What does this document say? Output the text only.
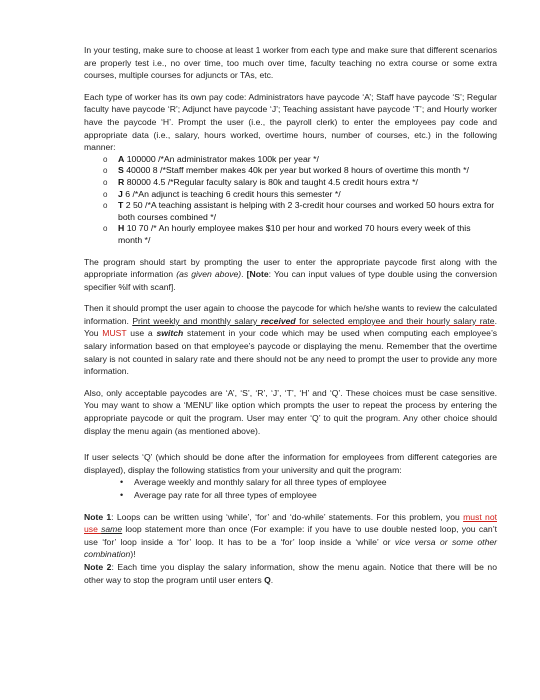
In your testing, make sure to choose at least 1 worker from each type and make sure that different scenarios are properly test i.e., no over time, too much over time, faculty teaching no extra course or some extra courses, multiple courses for adjuncts or TAs, etc.

Each type of worker has its own pay code: Administrators have paycode ‘A’; Staff have paycode ‘S’; Regular faculty have paycode ‘R’; Adjunct have paycode ‘J’; Teaching assistant have paycode ‘T’; and Hourly worker have the paycode ‘H’. Prompt the user (i.e., the payroll clerk) to enter the employees pay code and appropriate data (i.e., salary, hours worked, overtime hours, number of courses, etc.) in the following manner:

o A 100000 /*An administrator makes 100k per year */
o S 40000 8 /*Staff member makes 40k per year but worked 8 hours of overtime this month */
o R 80000 4.5 /*Regular faculty salary is 80k and taught 4.5 credit hours extra */
o J 6 /*An adjunct is teaching 6 credit hours this semester */
o T 2 50 /*A teaching assistant is helping with 2 3-credit hour courses and worked 50 hours extra for both courses combined */
o H 10 70 /* An hourly employee makes $10 per hour and worked 70 hours every week of this month */

The program should start by prompting the user to enter the appropriate paycode first along with the appropriate information (as given above). [Note: You can input values of type double using the conversion specifier %lf with scanf].

Then it should prompt the user again to choose the paycode for which he/she wants to review the calculated information. Print weekly and monthly salary received for selected employee and their hourly salary rate. You MUST use a switch statement in your code which may be used when computing each employee’s salary information based on that employee’s paycode or displaying the menu. Remember that the overtime salary is not counted in salary rate and there should not be any need to prompt the user to provide any more information.

Also, only acceptable paycodes are ‘A’, ‘S’, ‘R’, ‘J’, ‘T’, ‘H’ and ‘Q’. These choices must be case sensitive. You may want to show a ‘MENU’ like option which prompts the user to repeat the process by entering the appropriate paycode or quit the program. User may enter ‘Q’ to quit the program. Any other choice should display the menu again (as mentioned above).

If user selects ‘Q’ (which should be done after the information for employees from different categories are displayed), display the following statistics from your university and quit the program:

• Average weekly and monthly salary for all three types of employee
• Average pay rate for all three types of employee

Note 1: Loops can be written using ‘while’, ‘for’ and ‘do-while’ statements. For this problem, you must not use same loop statement more than once (For example: if you have to use double nested loop, you can’t use ‘for’ loop inside a ‘for’ loop. It has to be a ‘for’ loop inside a ‘while’ or vice versa or some other combination)!

Note 2: Each time you display the salary information, show the menu again. Notice that there will be no other way to stop the program until user enters Q.
